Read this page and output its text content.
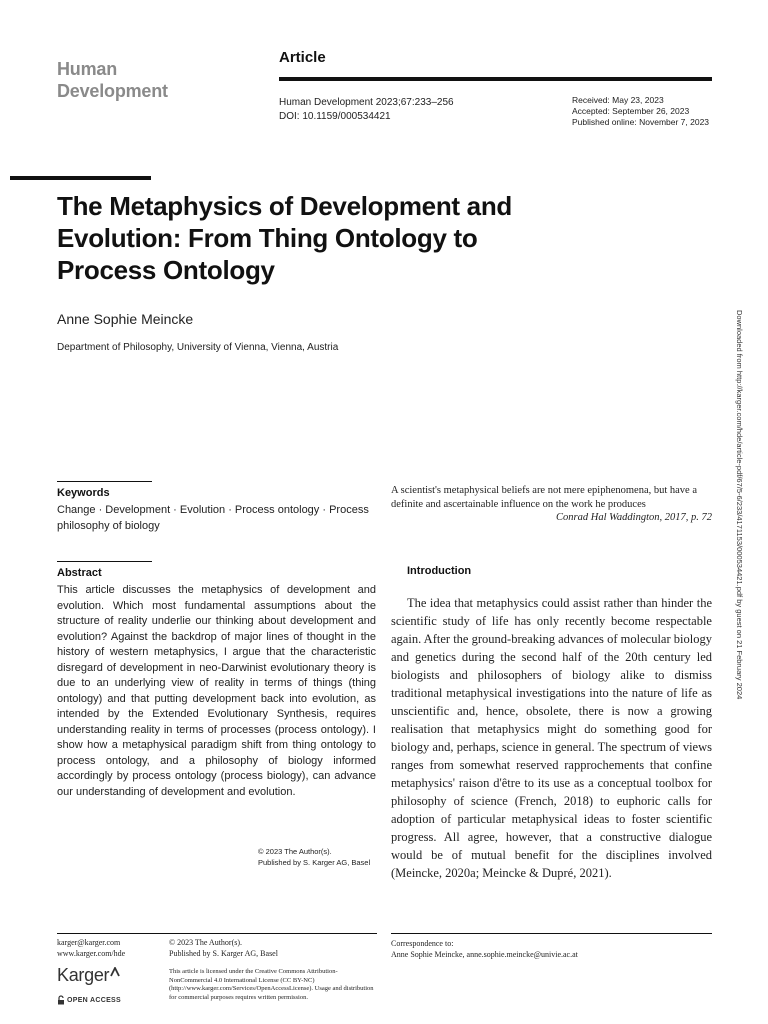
Human
Development
Article
Human Development 2023;67:233–256
DOI: 10.1159/000534421
Received: May 23, 2023
Accepted: September 26, 2023
Published online: November 7, 2023
The Metaphysics of Development and Evolution: From Thing Ontology to Process Ontology
Anne Sophie Meincke
Department of Philosophy, University of Vienna, Vienna, Austria	Downloaded from http://karger.com/hde/article-pdf/67/5-6/233/4171153/000534421.pdf by guest on 21 February 2024
Keywords
Change · Development · Evolution · Process ontology · Process philosophy of biology
Abstract
This article discusses the metaphysics of development and evolution. Which most fundamental assumptions about the structure of reality underlie our thinking about development and evolution? Against the backdrop of major lines of thought in the history of western metaphysics, I argue that the characteristic disregard of development in neo-Darwinist evolutionary theory is due to an underlying view of reality in terms of things (thing ontology) and that putting development back into evolution, as intended by the Extended Evolutionary Synthesis, requires understanding reality in terms of processes (process ontology). I show how a metaphysical paradigm shift from thing ontology to process ontology, and a philosophy of biology informed accordingly by process ontology (process biology), can advance our understanding of development and evolution.
© 2023 The Author(s).
Published by S. Karger AG, Basel
A scientist's metaphysical beliefs are not mere epiphenomena, but have a definite and ascertainable influence on the work he produces
Conrad Hal Waddington, 2017, p. 72
Introduction
The idea that metaphysics could assist rather than hinder the scientific study of life has only recently become respectable again. After the ground-breaking advances of molecular biology and genetics during the second half of the 20th century led biologists and philosophers of biology alike to dismiss traditional metaphysical investigations into the nature of life as unscientific and, hence, obsolete, there is now a growing realisation that metaphysics might do something good for biology and, perhaps, science in general. The spectrum of views ranges from somewhat reserved rapprochements that confine metaphysics' raison d'être to its use as a conceptual toolbox for philosophy of science (French, 2018) to euphoric calls for adoption of particular metaphysical ideas to foster scientific progress. All agree, however, that a constructive dialogue would be of mutual benefit for the disciplines involved (Meincke, 2020a; Meincke & Dupré, 2021).
karger@karger.com
www.karger.com/hde
© 2023 The Author(s).
Published by S. Karger AG, Basel
This article is licensed under the Creative Commons Attribution-NonCommercial 4.0 International License (CC BY-NC) (http://www.karger.com/Services/OpenAccessLicense). Usage and distribution for commercial purposes requires written permission.
Correspondence to:
Anne Sophie Meincke, anne.sophie.meincke@univie.ac.at
Karger
OPEN ACCESS
